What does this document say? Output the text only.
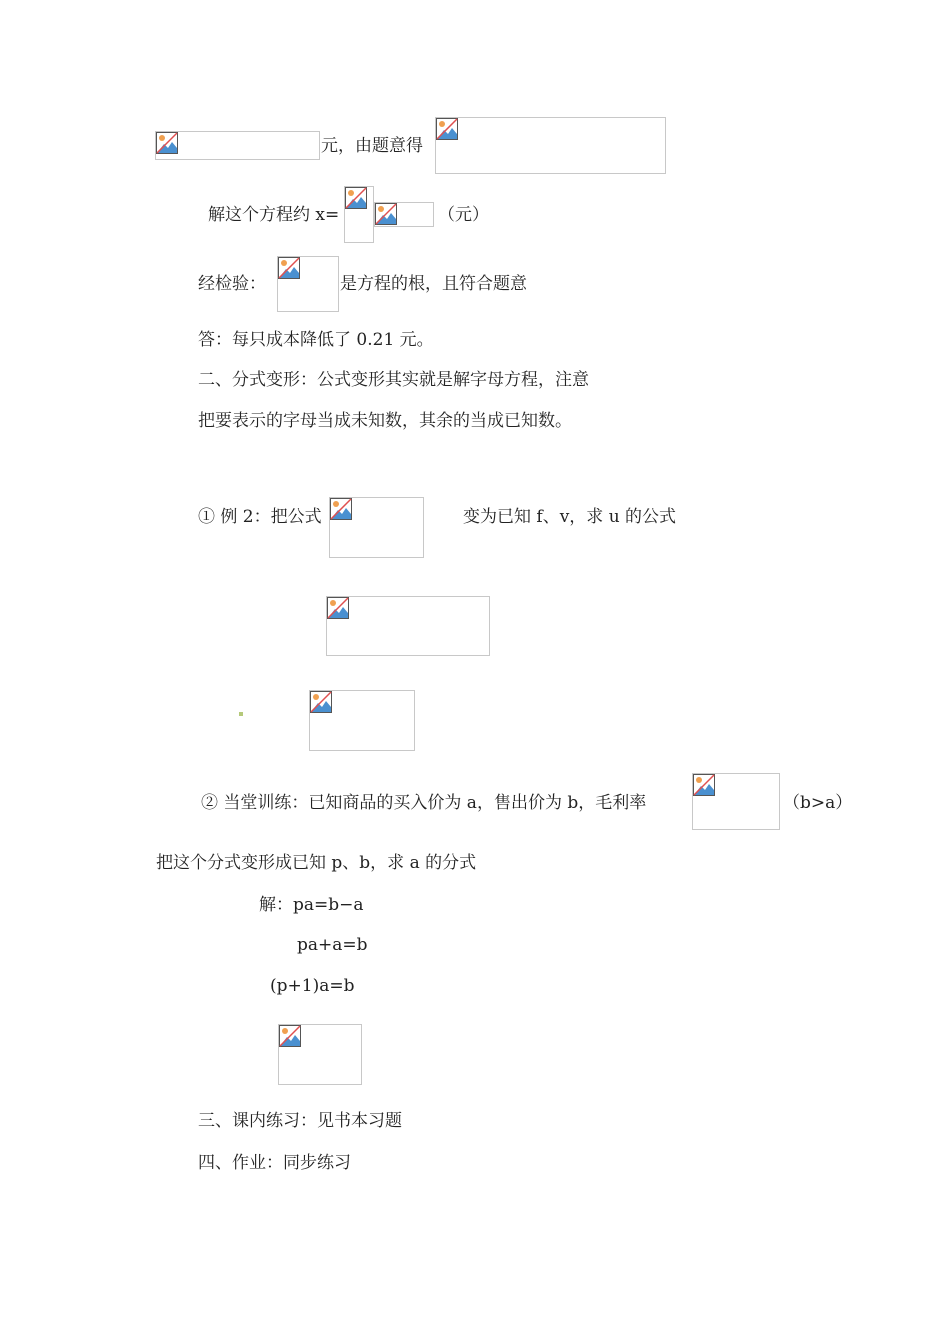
元，由题意得
解这个方程约 x=	（元）
经检验：	是方程的根，且符合题意
答：每只成本降低了 0.21 元。
二、分式变形：公式变形其实就是解字母方程，注意
把要表示的字母当成未知数，其余的当成已知数。
① 例 2：把公式	变为已知 f、v，求 u 的公式
② 当堂训练：已知商品的买入价为 a，售出价为 b，毛利率	（b>a）
把这个分式变形成已知 p、b，求 a 的分式
解：pa=b−a
pa+a=b
(p+1)a=b
三、课内练习：见书本习题
四、作业：同步练习
